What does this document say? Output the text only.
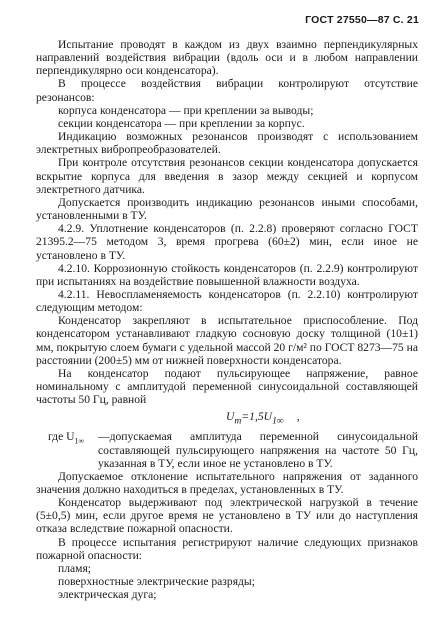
ГОСТ 27550—87 С. 21

Испытание проводят в каждом из двух взаимно перпендикулярных направлений воздействия вибрации (вдоль оси и в любом направлении перпендикулярно оси конденсатора).

В процессе воздействия вибрации контролируют отсутствие резонансов:

корпуса конденсатора — при креплении за выводы;

секции конденсатора — при креплении за корпус.

Индикацию возможных резонансов производят с использованием электретных вибропреобразователей.

При контроле отсутствия резонансов секции конденсатора допускается вскрытие корпуса для введения в зазор между секцией и корпусом электретного датчика.

Допускается производить индикацию резонансов иными способами, установленными в ТУ.

4.2.9. Уплотнение конденсаторов (п. 2.2.8) проверяют согласно ГОСТ 21395.2—75 методом 3, время прогрева (60±2) мин, если иное не установлено в ТУ.

4.2.10. Коррозионную стойкость конденсаторов (п. 2.2.9) контролируют при испытаниях на воздействие повышенной влажности воздуха.

4.2.11. Невоспламеняемость конденсаторов (п. 2.2.10) контролируют следующим методом:

Конденсатор закрепляют в испытательное приспособление. Под конденсатором устанавливают гладкую сосновую доску толщиной (10±1) мм, покрытую слоем бумаги с удельной массой 20 г/м² по ГОСТ 8273—75 на расстоянии (200±5) мм от нижней поверхности конденсатора.

На конденсатор подают пульсирующее напряжение, равное номинальному с амплитудой переменной синусоидальной составляющей частоты 50 Гц, равной

$U_m=1,5U_{1\infty}$ ,
где $U_{1\infty}$	—допускаемая амплитуда переменной синусоидальной составляющей пульсирующего напряжения на частоте 50 Гц, указанная в ТУ, если иное не установлено в ТУ.

Допускаемое отклонение испытательного напряжения от заданного значения должно находиться в пределах, установленных в ТУ.

Конденсатор выдерживают под электрической нагрузкой в течение (5±0,5) мин, если другое время не установлено в ТУ или до наступления отказа вследствие пожарной опасности.

В процессе испытания регистрируют наличие следующих признаков пожарной опасности:

пламя;

поверхностные электрические разряды;

электрическая дуга;
